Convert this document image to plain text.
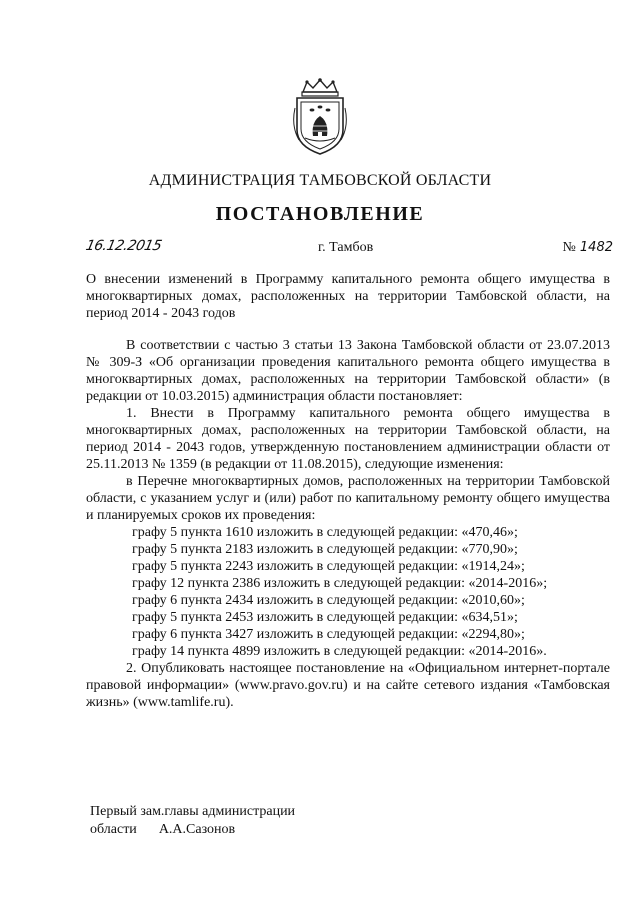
АДМИНИСТРАЦИЯ ТАМБОВСКОЙ ОБЛАСТИ
ПОСТАНОВЛЕНИЕ
16.12.2015	г. Тамбов	№ 1482
О внесении изменений в Программу капитального ремонта общего имущества в многоквартирных домах, расположенных на территории Тамбовской области, на период 2014 - 2043 годов

В соответствии с частью 3 статьи 13 Закона Тамбовской области от 23.07.2013 № 309-З «Об организации проведения капитального ремонта общего имущества в многоквартирных домах, расположенных на территории Тамбовской области» (в редакции от 10.03.2015) администрация области постановляет:

1. Внести в Программу капитального ремонта общего имущества в многоквартирных домах, расположенных на территории Тамбовской области, на период 2014 - 2043 годов, утвержденную постановлением администрации области от 25.11.2013 № 1359 (в редакции от 11.08.2015), следующие изменения:

в Перечне многоквартирных домов, расположенных на территории Тамбовской области, с указанием услуг и (или) работ по капитальному ремонту общего имущества и планируемых сроков их проведения:

графу 5 пункта 1610 изложить в следующей редакции: «470,46»;
графу 5 пункта 2183 изложить в следующей редакции: «770,90»;
графу 5 пункта 2243 изложить в следующей редакции: «1914,24»;
графу 12 пункта 2386 изложить в следующей редакции: «2014-2016»;
графу 6 пункта 2434 изложить в следующей редакции: «2010,60»;
графу 5 пункта 2453 изложить в следующей редакции: «634,51»;
графу 6 пункта 3427 изложить в следующей редакции: «2294,80»;
графу 14 пункта 4899 изложить в следующей редакции: «2014-2016».

2. Опубликовать настоящее постановление на «Официальном интернет-портале правовой информации» (www.pravo.gov.ru) и на сайте сетевого издания «Тамбовская жизнь» (www.tamlife.ru).

Первый зам.главы администрации
области А.А.Сазонов
